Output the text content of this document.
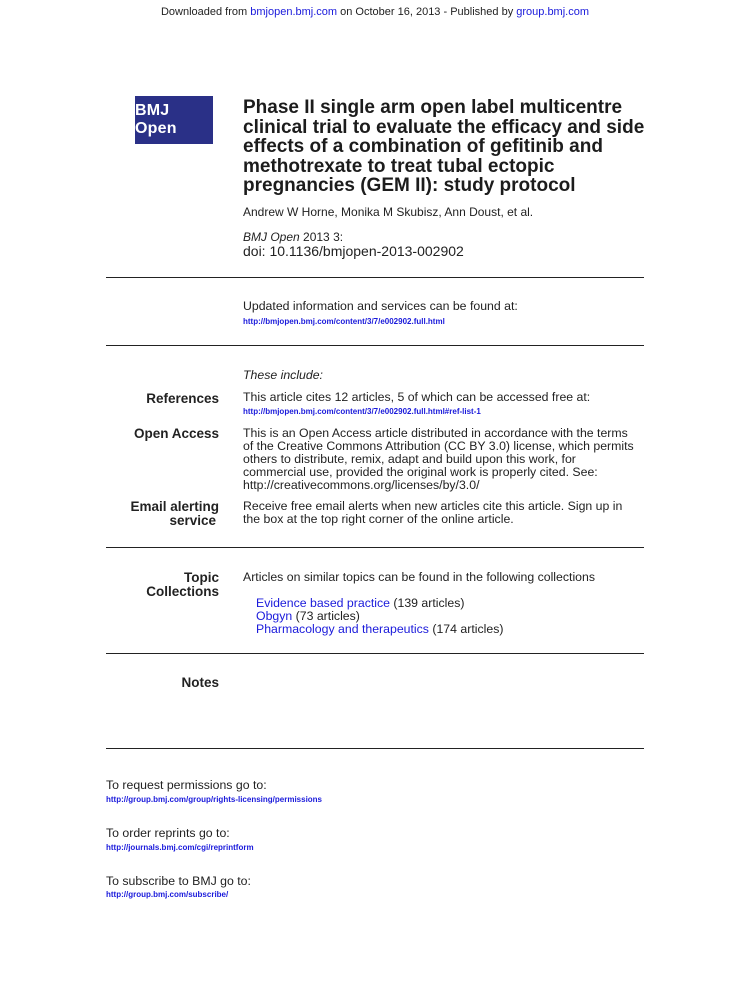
Downloaded from bmjopen.bmj.com on October 16, 2013 - Published by group.bmj.com
BMJ Open
Phase II single arm open label multicentre
clinical trial to evaluate the efficacy and side
effects of a combination of gefitinib and
methotrexate to treat tubal ectopic
pregnancies (GEM II): study protocol
Andrew W Horne, Monika M Skubisz, Ann Doust, et al.
BMJ Open 2013 3:
doi: 10.1136/bmjopen-2013-002902
Updated information and services can be found at:
http://bmjopen.bmj.com/content/3/7/e002902.full.html
These include:
References This article cites 12 articles, 5 of which can be accessed free at:
http://bmjopen.bmj.com/content/3/7/e002902.full.html#ref-list-1
Open Access This is an Open Access article distributed in accordance with the terms
of the Creative Commons Attribution (CC BY 3.0) license, which permits
others to distribute, remix, adapt and build upon this work, for
commercial use, provided the original work is properly cited. See:
http://creativecommons.org/licenses/by/3.0/
Email alerting
service
Receive free email alerts when new articles cite this article. Sign up in
the box at the top right corner of the online article.
Topic
Collections
Articles on similar topics can be found in the following collections
Evidence based practice (139 articles)
Obgyn (73 articles)
Pharmacology and therapeutics (174 articles)
Notes
To request permissions go to:
http://group.bmj.com/group/rights-licensing/permissions
To order reprints go to:
http://journals.bmj.com/cgi/reprintform
To subscribe to BMJ go to:
http://group.bmj.com/subscribe/
